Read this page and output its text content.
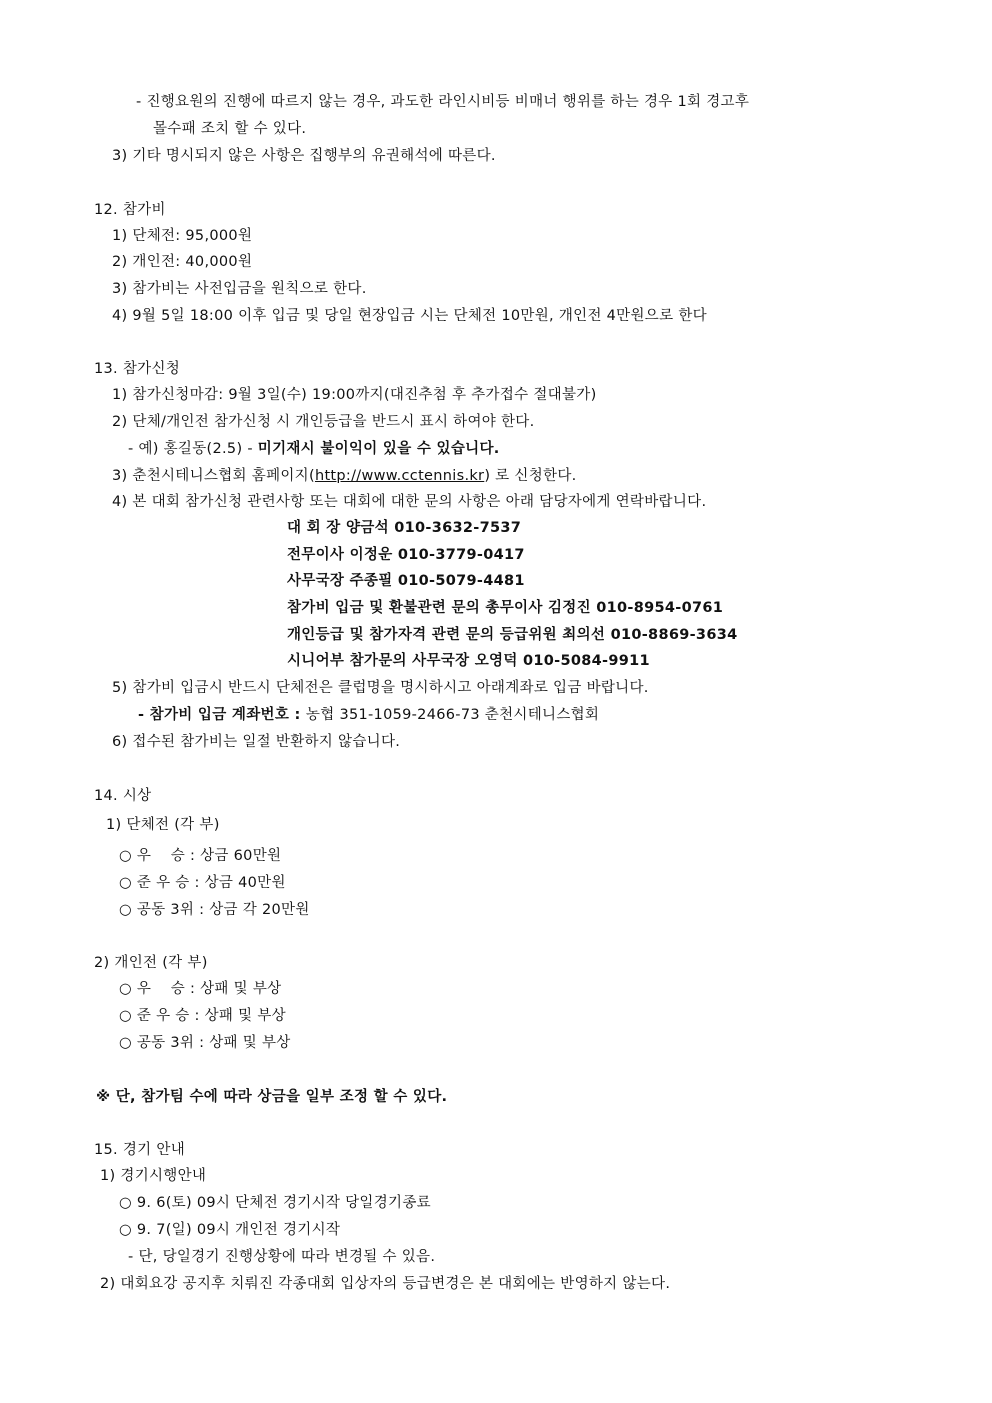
- 진행요원의 진행에 따르지 않는 경우, 과도한 라인시비등 비매너 행위를 하는 경우 1회 경고후
몰수패 조치 할 수 있다.
3) 기타 명시되지 않은 사항은 집행부의 유권해석에 따른다.
12. 참가비
1) 단체전: 95,000원
2) 개인전: 40,000원
3) 참가비는 사전입금을 원칙으로 한다.
4) 9월 5일 18:00 이후 입금 및 당일 현장입금 시는 단체전 10만원, 개인전 4만원으로 한다
13. 참가신청
1) 참가신청마감: 9월 3일(수) 19:00까지(대진추첨 후 추가접수 절대불가)
2) 단체/개인전 참가신청 시 개인등급을 반드시 표시 하여야 한다.
- 예) 홍길동(2.5) - 미기재시 불이익이 있을 수 있습니다.
3) 춘천시테니스협회 홈페이지(http://www.cctennis.kr) 로 신청한다.
4) 본 대회 참가신청 관련사항 또는 대회에 대한 문의 사항은 아래 담당자에게 연락바랍니다.
대 회 장 양금석 010-3632-7537
전무이사 이정운 010-3779-0417
사무국장 주종필 010-5079-4481
참가비 입금 및 환불관련 문의 총무이사 김정진 010-8954-0761
개인등급 및 참가자격 관련 문의 등급위원 최의선 010-8869-3634
시니어부 참가문의 사무국장 오영덕 010-5084-9911
5) 참가비 입금시 반드시 단체전은 클럽명을 명시하시고 아래계좌로 입금 바랍니다.
- 참가비 입금 계좌번호 : 농협 351-1059-2466-73 춘천시테니스협회
6) 접수된 참가비는 일절 반환하지 않습니다.
14. 시상
1) 단체전 (각 부)
○ 우    승 : 상금 60만원
○ 준 우 승 : 상금 40만원
○ 공동 3위 : 상금 각 20만원
2) 개인전 (각 부)
○ 우    승 : 상패 및 부상
○ 준 우 승 : 상패 및 부상
○ 공동 3위 : 상패 및 부상
※ 단, 참가팀 수에 따라 상금을 일부 조정 할 수 있다.
15. 경기 안내
1) 경기시행안내
○ 9. 6(토) 09시 단체전 경기시작 당일경기종료
○ 9. 7(일) 09시 개인전 경기시작
- 단, 당일경기 진행상황에 따라 변경될 수 있음.
2) 대회요강 공지후 치뤄진 각종대회 입상자의 등급변경은 본 대회에는 반영하지 않는다.
